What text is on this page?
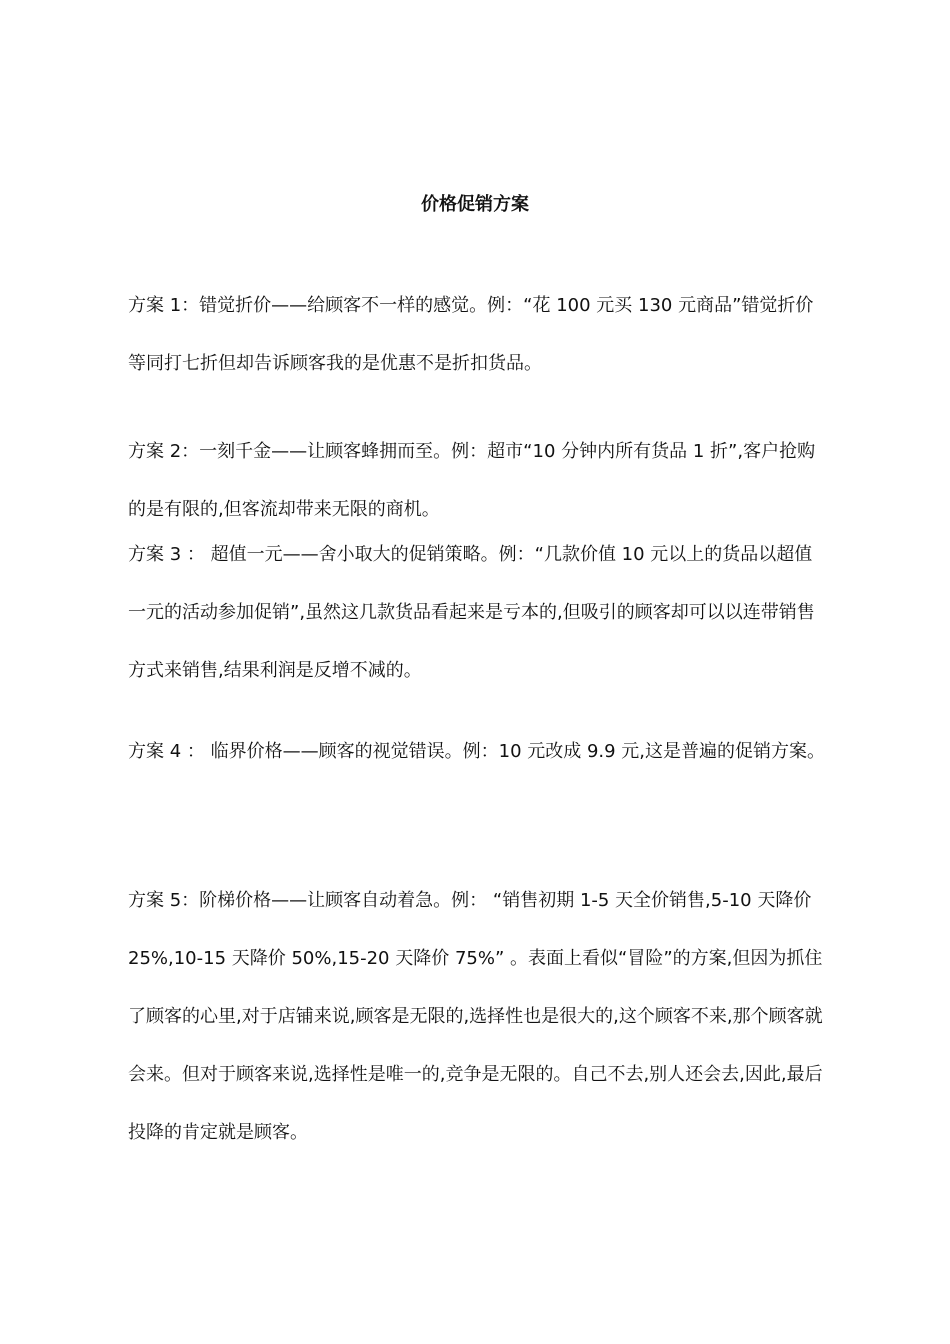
价格促销方案

方案 1：错觉折价——给顾客不一样的感觉。例：“花 100 元买 130 元商品”错觉折价等同打七折但却告诉顾客我的是优惠不是折扣货品。

方案 2：一刻千金——让顾客蜂拥而至。例：超市“10 分钟内所有货品 1 折”,客户抢购的是有限的,但客流却带来无限的商机。

方案 3 ： 超值一元——舍小取大的促销策略。例：“几款价值 10 元以上的货品以超值一元的活动参加促销”,虽然这几款货品看起来是亏本的,但吸引的顾客却可以以连带销售方式来销售,结果利润是反增不减的。

方案 4 ： 临界价格——顾客的视觉错误。例：10 元改成 9.9 元,这是普遍的促销方案。

方案 5：阶梯价格——让顾客自动着急。例： “销售初期 1-5 天全价销售,5-10 天降价 25%,10-15 天降价 50%,15-20 天降价 75%” 。表面上看似“冒险”的方案,但因为抓住了顾客的心里,对于店铺来说,顾客是无限的,选择性也是很大的,这个顾客不来,那个顾客就会来。但对于顾客来说,选择性是唯一的,竞争是无限的。自己不去,别人还会去,因此,最后投降的肯定就是顾客。
